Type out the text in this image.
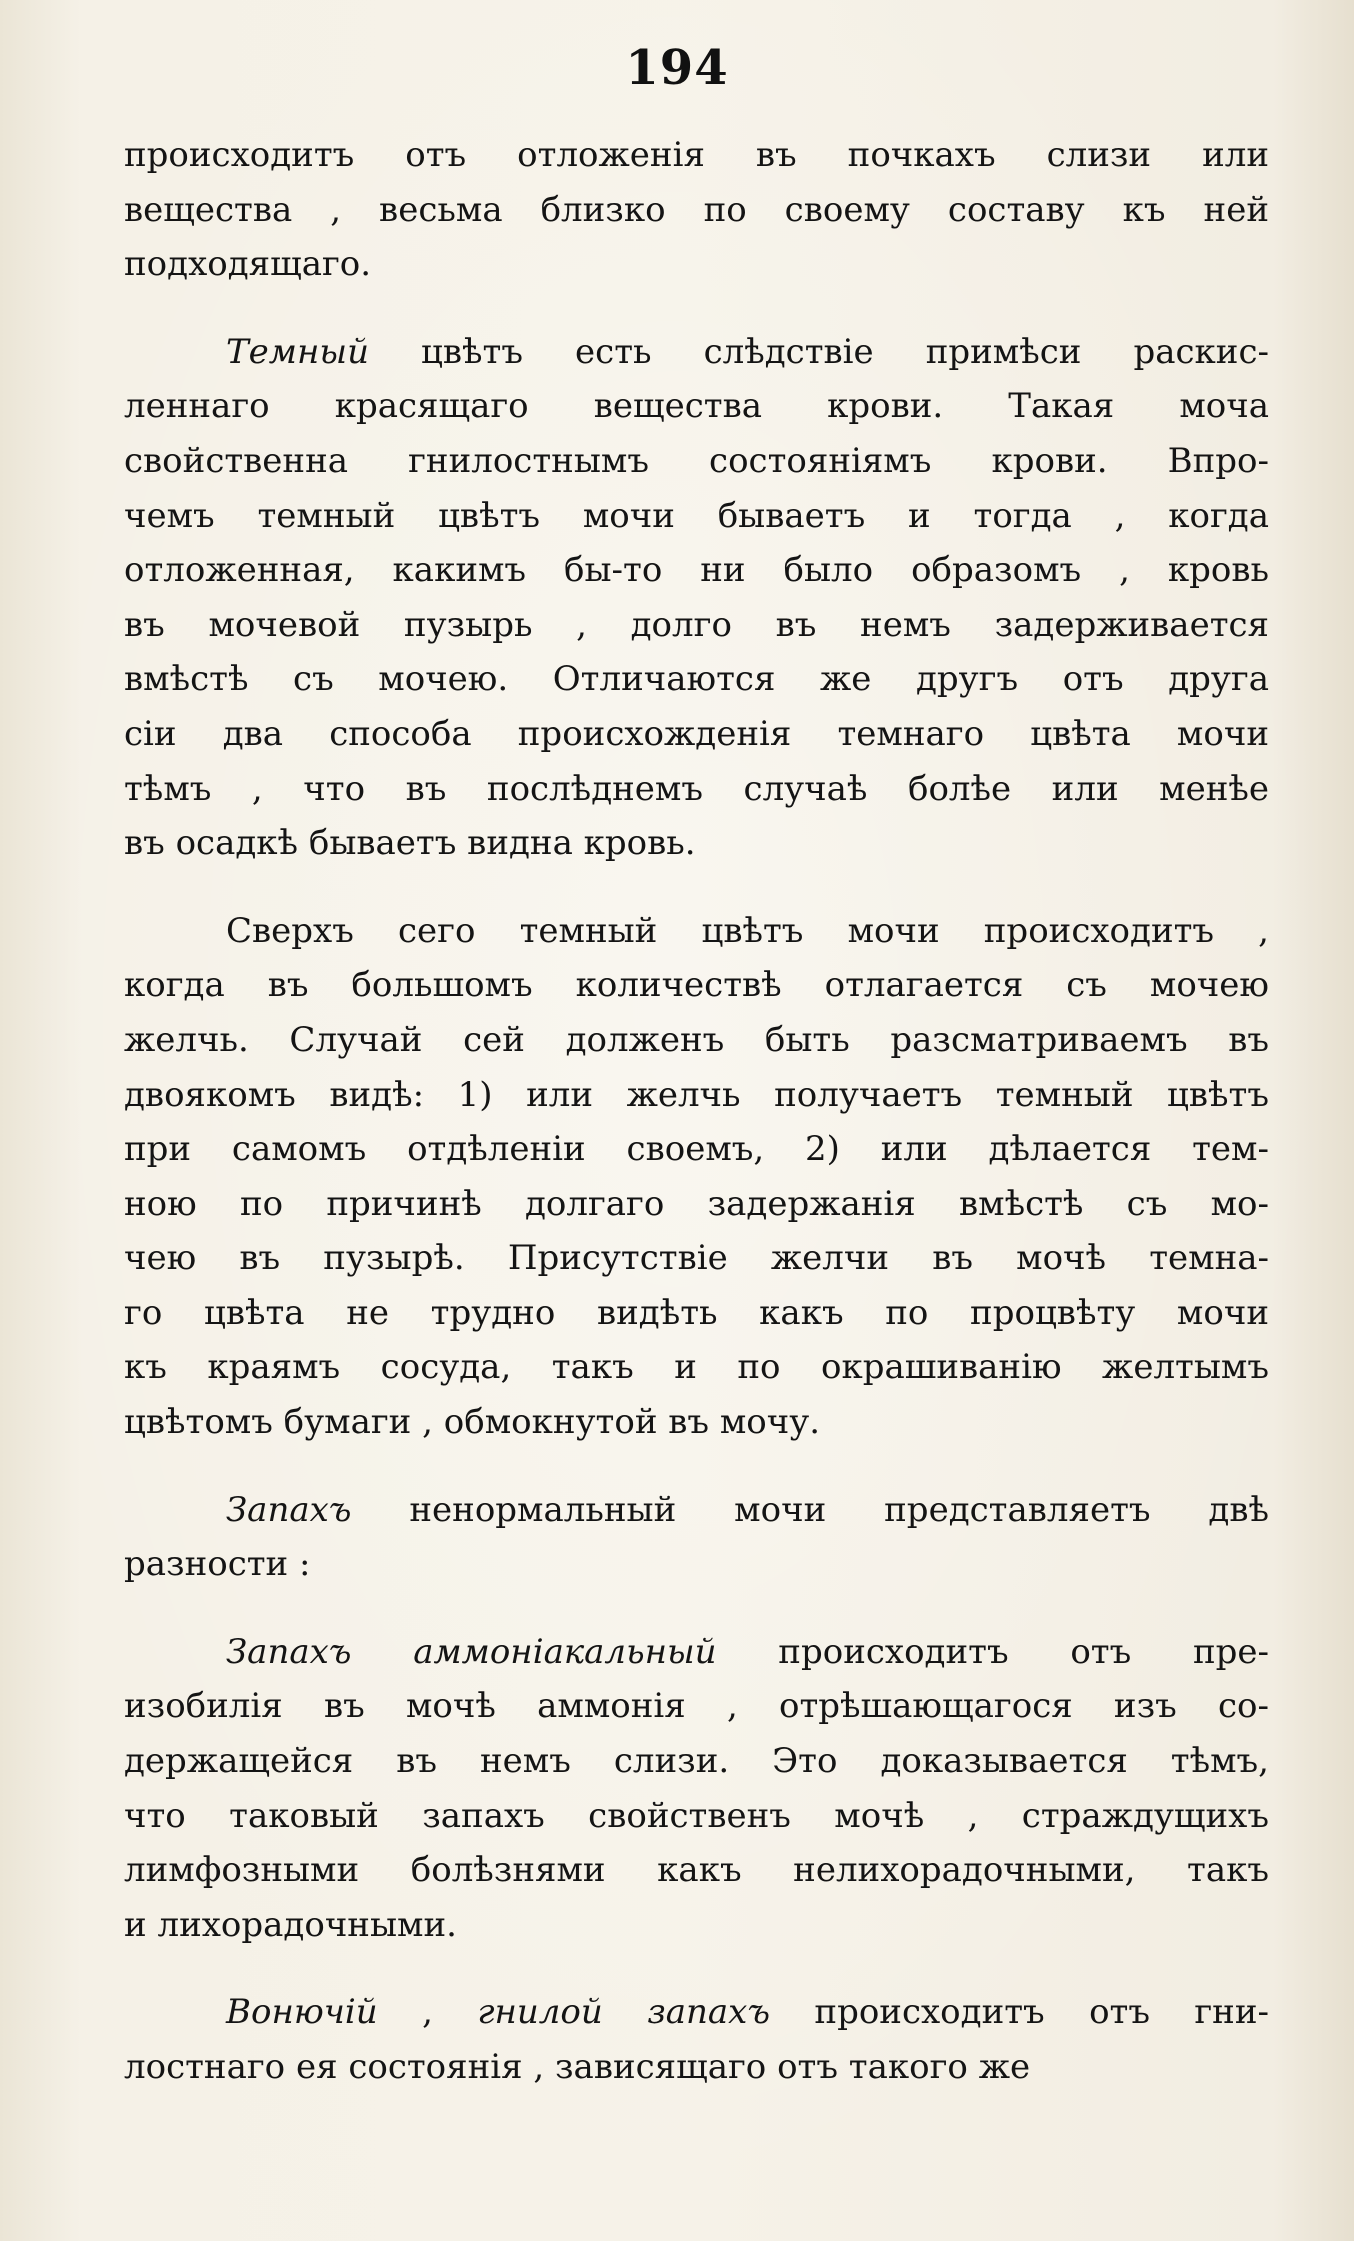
194
происходитъ отъ отложенія въ почкахъ слизи или
вещества , весьма близко по своему составу къ ней
подходящаго.
Темный цвѣтъ есть слѣдствіе примѣси раскис-
леннаго красящаго вещества крови. Такая моча
свойственна гнилостнымъ состояніямъ крови. Впро-
чемъ темный цвѣтъ мочи бываетъ и тогда , когда
отложенная, какимъ бы-то ни было образомъ , кровь
въ мочевой пузырь , долго въ немъ задерживается
вмѣстѣ съ мочею. Отличаются же другъ отъ друга
сіи два способа происхожденія темнаго цвѣта мочи
тѣмъ , что въ послѣднемъ случаѣ болѣе или менѣе
въ осадкѣ бываетъ видна кровь.
Сверхъ сего темный цвѣтъ мочи происходитъ ,
когда въ большомъ количествѣ отлагается съ мочею
желчь. Случай сей долженъ быть разсматриваемъ въ
двоякомъ видѣ: 1) или желчь получаетъ темный цвѣтъ
при самомъ отдѣленіи своемъ, 2) или дѣлается тем-
ною по причинѣ долгаго задержанія вмѣстѣ съ мо-
чею въ пузырѣ. Присутствіе желчи въ мочѣ темна-
го цвѣта не трудно видѣть какъ по процвѣту мочи
къ краямъ сосуда, такъ и по окрашиванію желтымъ
цвѣтомъ бумаги , обмокнутой въ мочу.
Запахъ ненормальный мочи представляетъ двѣ
разности :
Запахъ аммоніакальный происходитъ отъ пре-
изобилія въ мочѣ аммонія , отрѣшающагося изъ со-
держащейся въ немъ слизи. Это доказывается тѣмъ,
что таковый запахъ свойственъ мочѣ , страждущихъ
лимфозными болѣзнями какъ нелихорадочными, такъ
и лихорадочными.
Вонючій , гнилой запахъ происходитъ отъ гни-
лостнаго ея состоянія , зависящаго отъ такого же
